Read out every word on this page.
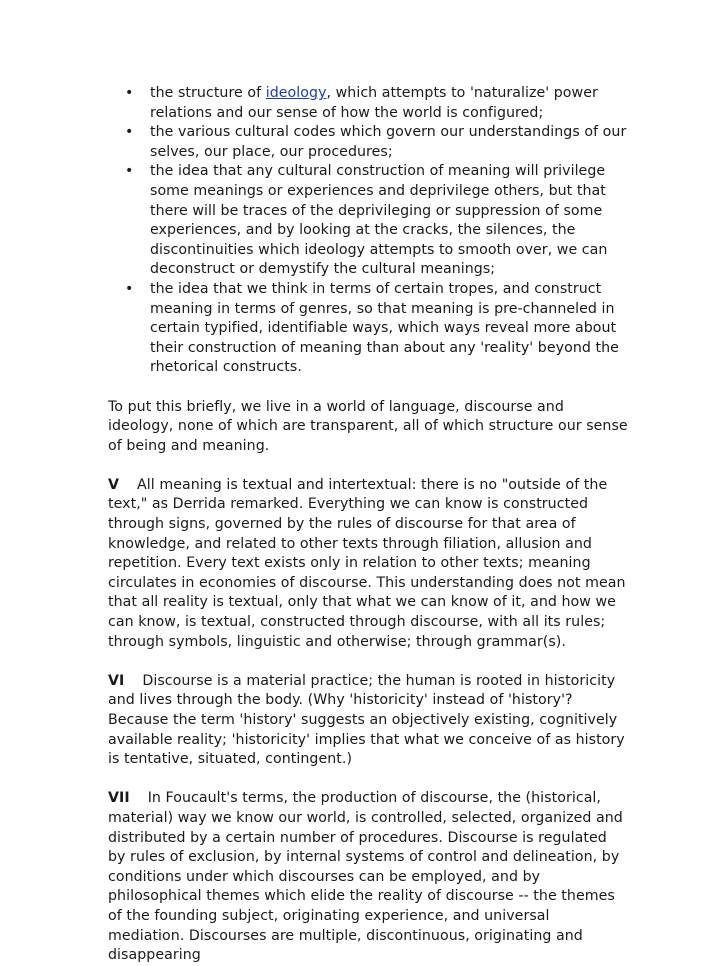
• the structure of ideology, which attempts to 'naturalize' power relations and our sense of how the world is configured;
• the various cultural codes which govern our understandings of our selves, our place, our procedures;
• the idea that any cultural construction of meaning will privilege some meanings or experiences and deprivilege others, but that there will be traces of the deprivileging or suppression of some experiences, and by looking at the cracks, the silences, the discontinuities which ideology attempts to smooth over, we can deconstruct or demystify the cultural meanings;
• the idea that we think in terms of certain tropes, and construct meaning in terms of genres, so that meaning is pre-channeled in certain typified, identifiable ways, which ways reveal more about their construction of meaning than about any 'reality' beyond the rhetorical constructs.

To put this briefly, we live in a world of language, discourse and ideology, none of which are transparent, all of which structure our sense of being and meaning.

V All meaning is textual and intertextual: there is no "outside of the text," as Derrida remarked. Everything we can know is constructed through signs, governed by the rules of discourse for that area of knowledge, and related to other texts through filiation, allusion and repetition. Every text exists only in relation to other texts; meaning circulates in economies of discourse. This understanding does not mean that all reality is textual, only that what we can know of it, and how we can know, is textual, constructed through discourse, with all its rules; through symbols, linguistic and otherwise; through grammar(s).

VI Discourse is a material practice; the human is rooted in historicity and lives through the body. (Why 'historicity' instead of 'history'? Because the term 'history' suggests an objectively existing, cognitively available reality; 'historicity' implies that what we conceive of as history is tentative, situated, contingent.)

VII In Foucault's terms, the production of discourse, the (historical, material) way we know our world, is controlled, selected, organized and distributed by a certain number of procedures. Discourse is regulated by rules of exclusion, by internal systems of control and delineation, by conditions under which discourses can be employed, and by philosophical themes which elide the reality of discourse -- the themes of the founding subject, originating experience, and universal mediation. Discourses are multiple, discontinuous, originating and disappearing
